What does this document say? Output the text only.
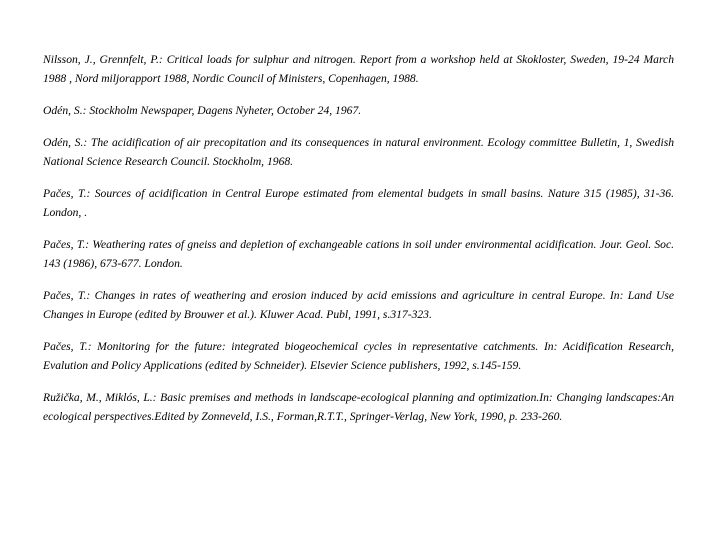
Nilsson, J., Grennfelt, P.: Critical loads for sulphur and nitrogen. Report from a workshop held at Skokloster, Sweden, 19-24 March 1988 , Nord miljorapport 1988, Nordic Council of Ministers, Copenhagen, 1988.

Odén, S.: Stockholm Newspaper, Dagens Nyheter, October 24, 1967.

Odén, S.: The acidification of air precopitation and its consequences in natural environment. Ecology committee Bulletin, 1, Swedish National Science Research Council. Stockholm, 1968.

Pačes, T.: Sources of acidification in Central Europe estimated from elemental budgets in small basins. Nature 315 (1985), 31-36. London, .

Pačes, T.: Weathering rates of gneiss and depletion of exchangeable cations in soil under environmental acidification. Jour. Geol. Soc. 143 (1986), 673-677. London.

Pačes, T.: Changes in rates of weathering and erosion induced by acid emissions and agriculture in central Europe. In: Land Use Changes in Europe (edited by Brouwer et al.). Kluwer Acad. Publ, 1991, s.317-323.

Pačes, T.: Monitoring for the future: integrated biogeochemical cycles in representative catchments. In: Acidification Research, Evalution and Policy Applications (edited by Schneider). Elsevier Science publishers, 1992, s.145-159.

Ružička, M., Miklós, L.: Basic premises and methods in landscape-ecological planning and optimization.In: Changing landscapes:An ecological perspectives.Edited by Zonneveld, I.S., Forman,R.T.T., Springer-Verlag, New York, 1990, p. 233-260.
